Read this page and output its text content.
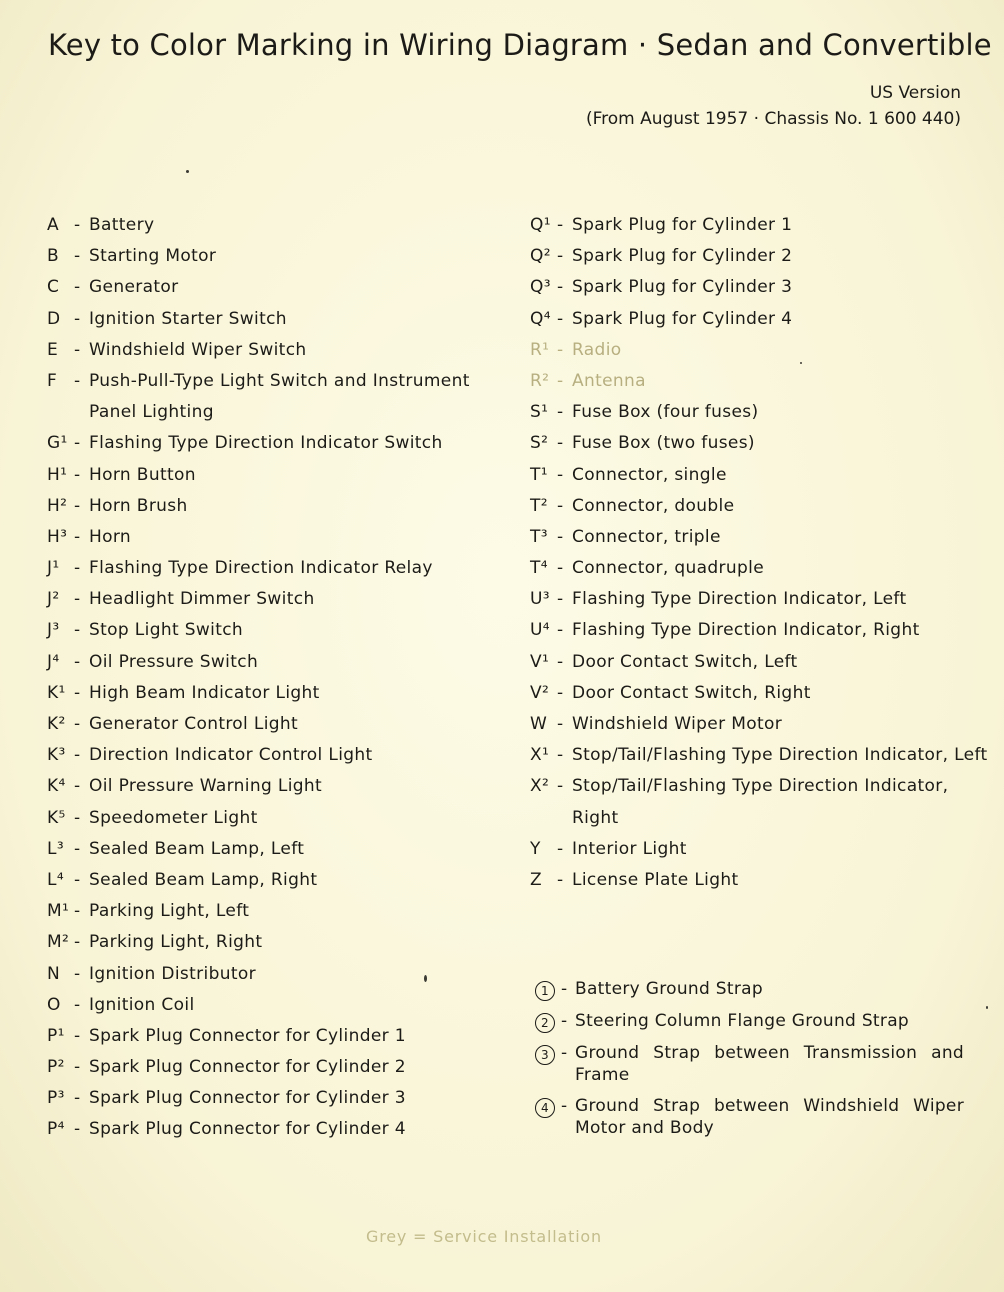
Key to Color Marking in Wiring Diagram · Sedan and Convertible
US Version
(From August 1957 · Chassis No. 1 600 440)
A - Battery
B - Starting Motor
C - Generator
D - Ignition Starter Switch
E - Windshield Wiper Switch
F - Push-Pull-Type Light Switch and Instrument
Panel Lighting
G¹ - Flashing Type Direction Indicator Switch
H¹ - Horn Button
H² - Horn Brush
H³ - Horn
J¹ - Flashing Type Direction Indicator Relay
J² - Headlight Dimmer Switch
J³ - Stop Light Switch
J⁴ - Oil Pressure Switch
K¹ - High Beam Indicator Light
K² - Generator Control Light
K³ - Direction Indicator Control Light
K⁴ - Oil Pressure Warning Light
K⁵ - Speedometer Light
L³ - Sealed Beam Lamp, Left
L⁴ - Sealed Beam Lamp, Right
M¹ - Parking Light, Left
M² - Parking Light, Right
N - Ignition Distributor
O - Ignition Coil
P¹ - Spark Plug Connector for Cylinder 1
P² - Spark Plug Connector for Cylinder 2
P³ - Spark Plug Connector for Cylinder 3
P⁴ - Spark Plug Connector for Cylinder 4
Q¹ - Spark Plug for Cylinder 1
Q² - Spark Plug for Cylinder 2
Q³ - Spark Plug for Cylinder 3
Q⁴ - Spark Plug for Cylinder 4
R¹ - Radio
R² - Antenna
S¹ - Fuse Box (four fuses)
S² - Fuse Box (two fuses)
T¹ - Connector, single
T² - Connector, double
T³ - Connector, triple
T⁴ - Connector, quadruple
U³ - Flashing Type Direction Indicator, Left
U⁴ - Flashing Type Direction Indicator, Right
V¹ - Door Contact Switch, Left
V² - Door Contact Switch, Right
W - Windshield Wiper Motor
X¹ - Stop/Tail/Flashing Type Direction Indicator, Left
X² - Stop/Tail/Flashing Type Direction Indicator,
Right
Y - Interior Light
Z - License Plate Light
1 - Battery Ground Strap
2 - Steering Column Flange Ground Strap
3 - Ground Strap between Transmission and Frame
4 - Ground Strap between Windshield Wiper Motor and Body
Grey = Service Installation
